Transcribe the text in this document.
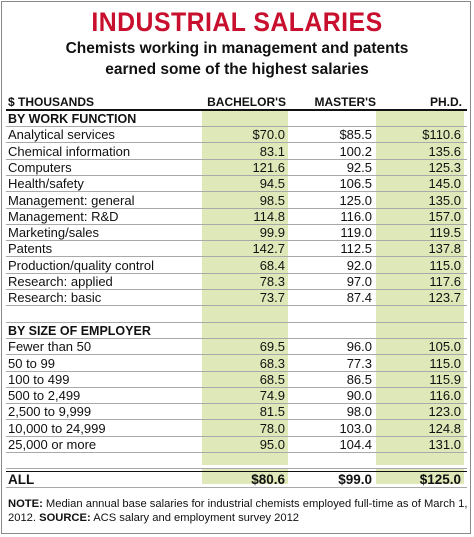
INDUSTRIAL SALARIES
Chemists working in management and patents
earned some of the highest salaries
$ THOUSANDS	BACHELOR'S	MASTER'S	PH.D.
BY WORK FUNCTION
Analytical services	$70.0	$85.5	$110.6
Chemical information	83.1	100.2	135.6
Computers	121.6	92.5	125.3
Health/safety	94.5	106.5	145.0
Management: general	98.5	125.0	135.0
Management: R&D	114.8	116.0	157.0
Marketing/sales	99.9	119.0	119.5
Patents	142.7	112.5	137.8
Production/quality control	68.4	92.0	115.0
Research: applied	78.3	97.0	117.6
Research: basic	73.7	87.4	123.7
BY SIZE OF EMPLOYER
Fewer than 50	69.5	96.0	105.0
50 to 99	68.3	77.3	115.0
100 to 499	68.5	86.5	115.9
500 to 2,499	74.9	90.0	116.0
2,500 to 9,999	81.5	98.0	123.0
10,000 to 24,999	78.0	103.0	124.8
25,000 or more	95.0	104.4	131.0
ALL	$80.6	$99.0	$125.0
NOTE: Median annual base salaries for industrial chemists employed full-time as of March 1, 2012. SOURCE: ACS salary and employment survey 2012
